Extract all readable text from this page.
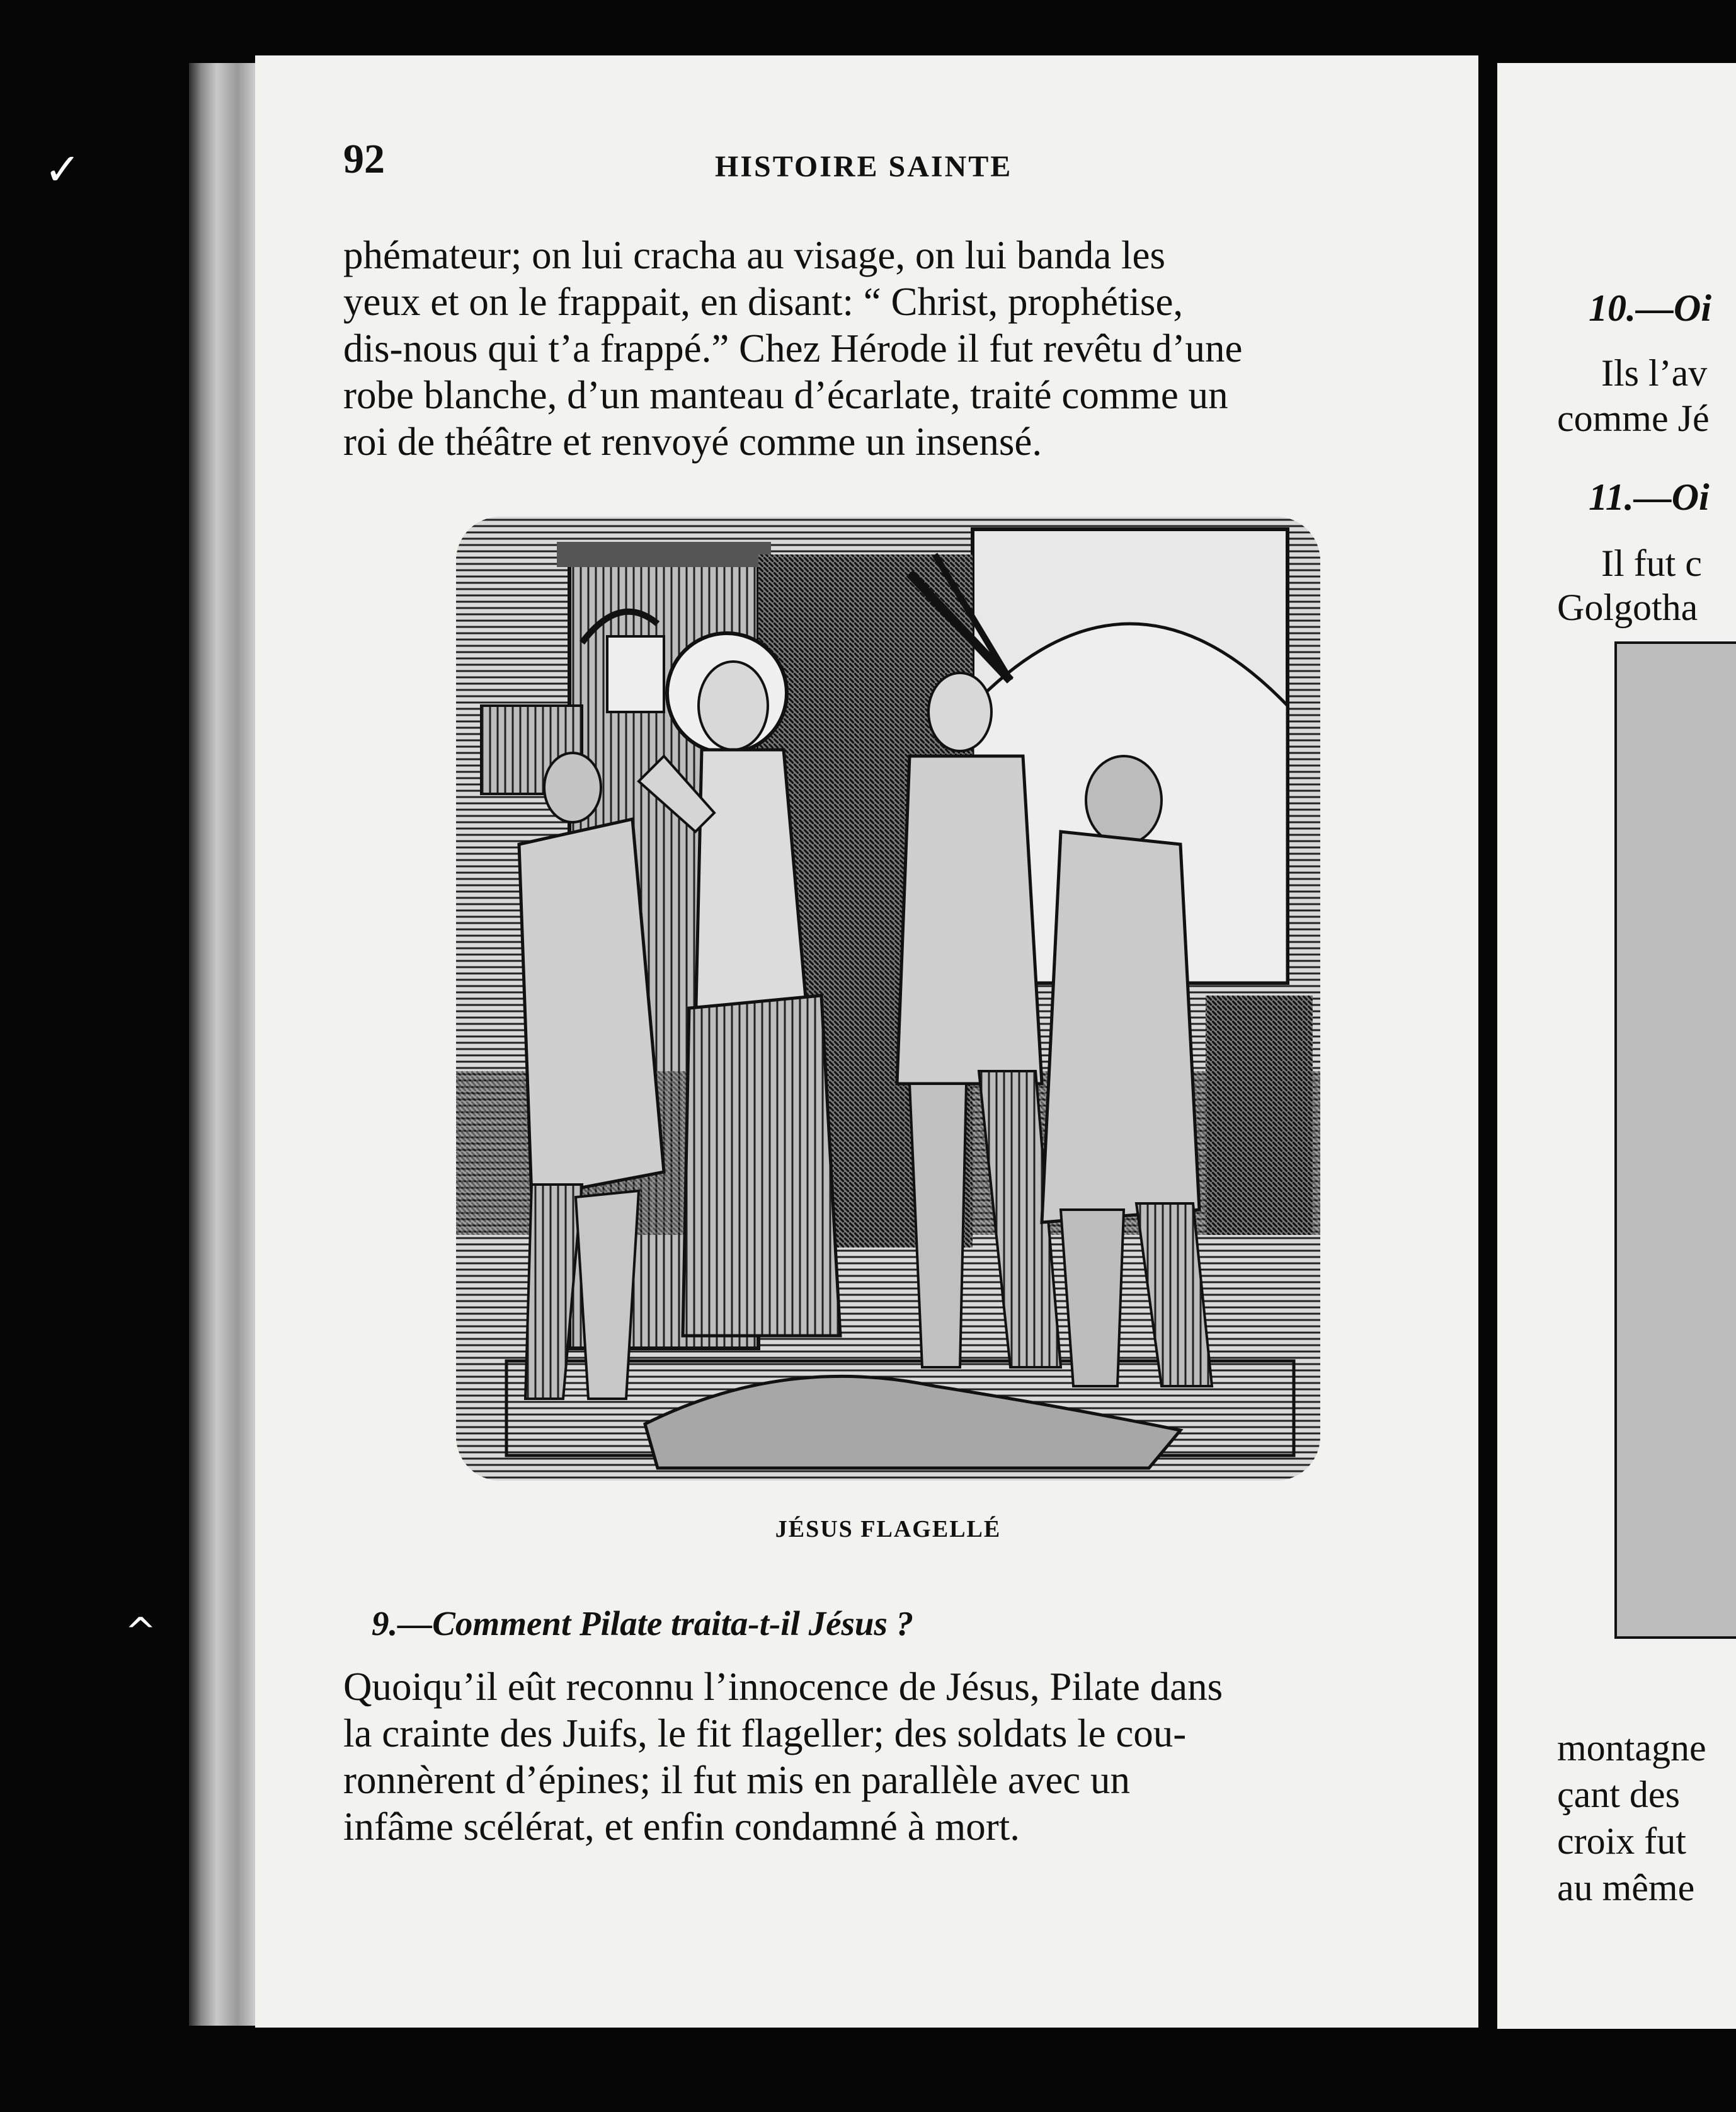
✓
^
92	HISTOIRE SAINTE
phémateur; on lui cracha au visage, on lui banda les
yeux et on le frappait, en disant: “ Christ, prophétise,
dis-nous qui t’a frappé.” Chez Hérode il fut revêtu d’une
robe blanche, d’un manteau d’écarlate, traité comme un
roi de théâtre et renvoyé comme un insensé.
JÉSUS FLAGELLÉ
9.—Comment Pilate traita-t-il Jésus ?
Quoiqu’il eût reconnu l’innocence de Jésus, Pilate dans
la crainte des Juifs, le fit flageller; des soldats le cou-
ronnèrent d’épines; il fut mis en parallèle avec un
infâme scélérat, et enfin condamné à mort.
10.—Oi
Ils l’av
comme Jé
11.—Oi
Il fut c
Golgotha
montagne
çant des
croix fut
au même
